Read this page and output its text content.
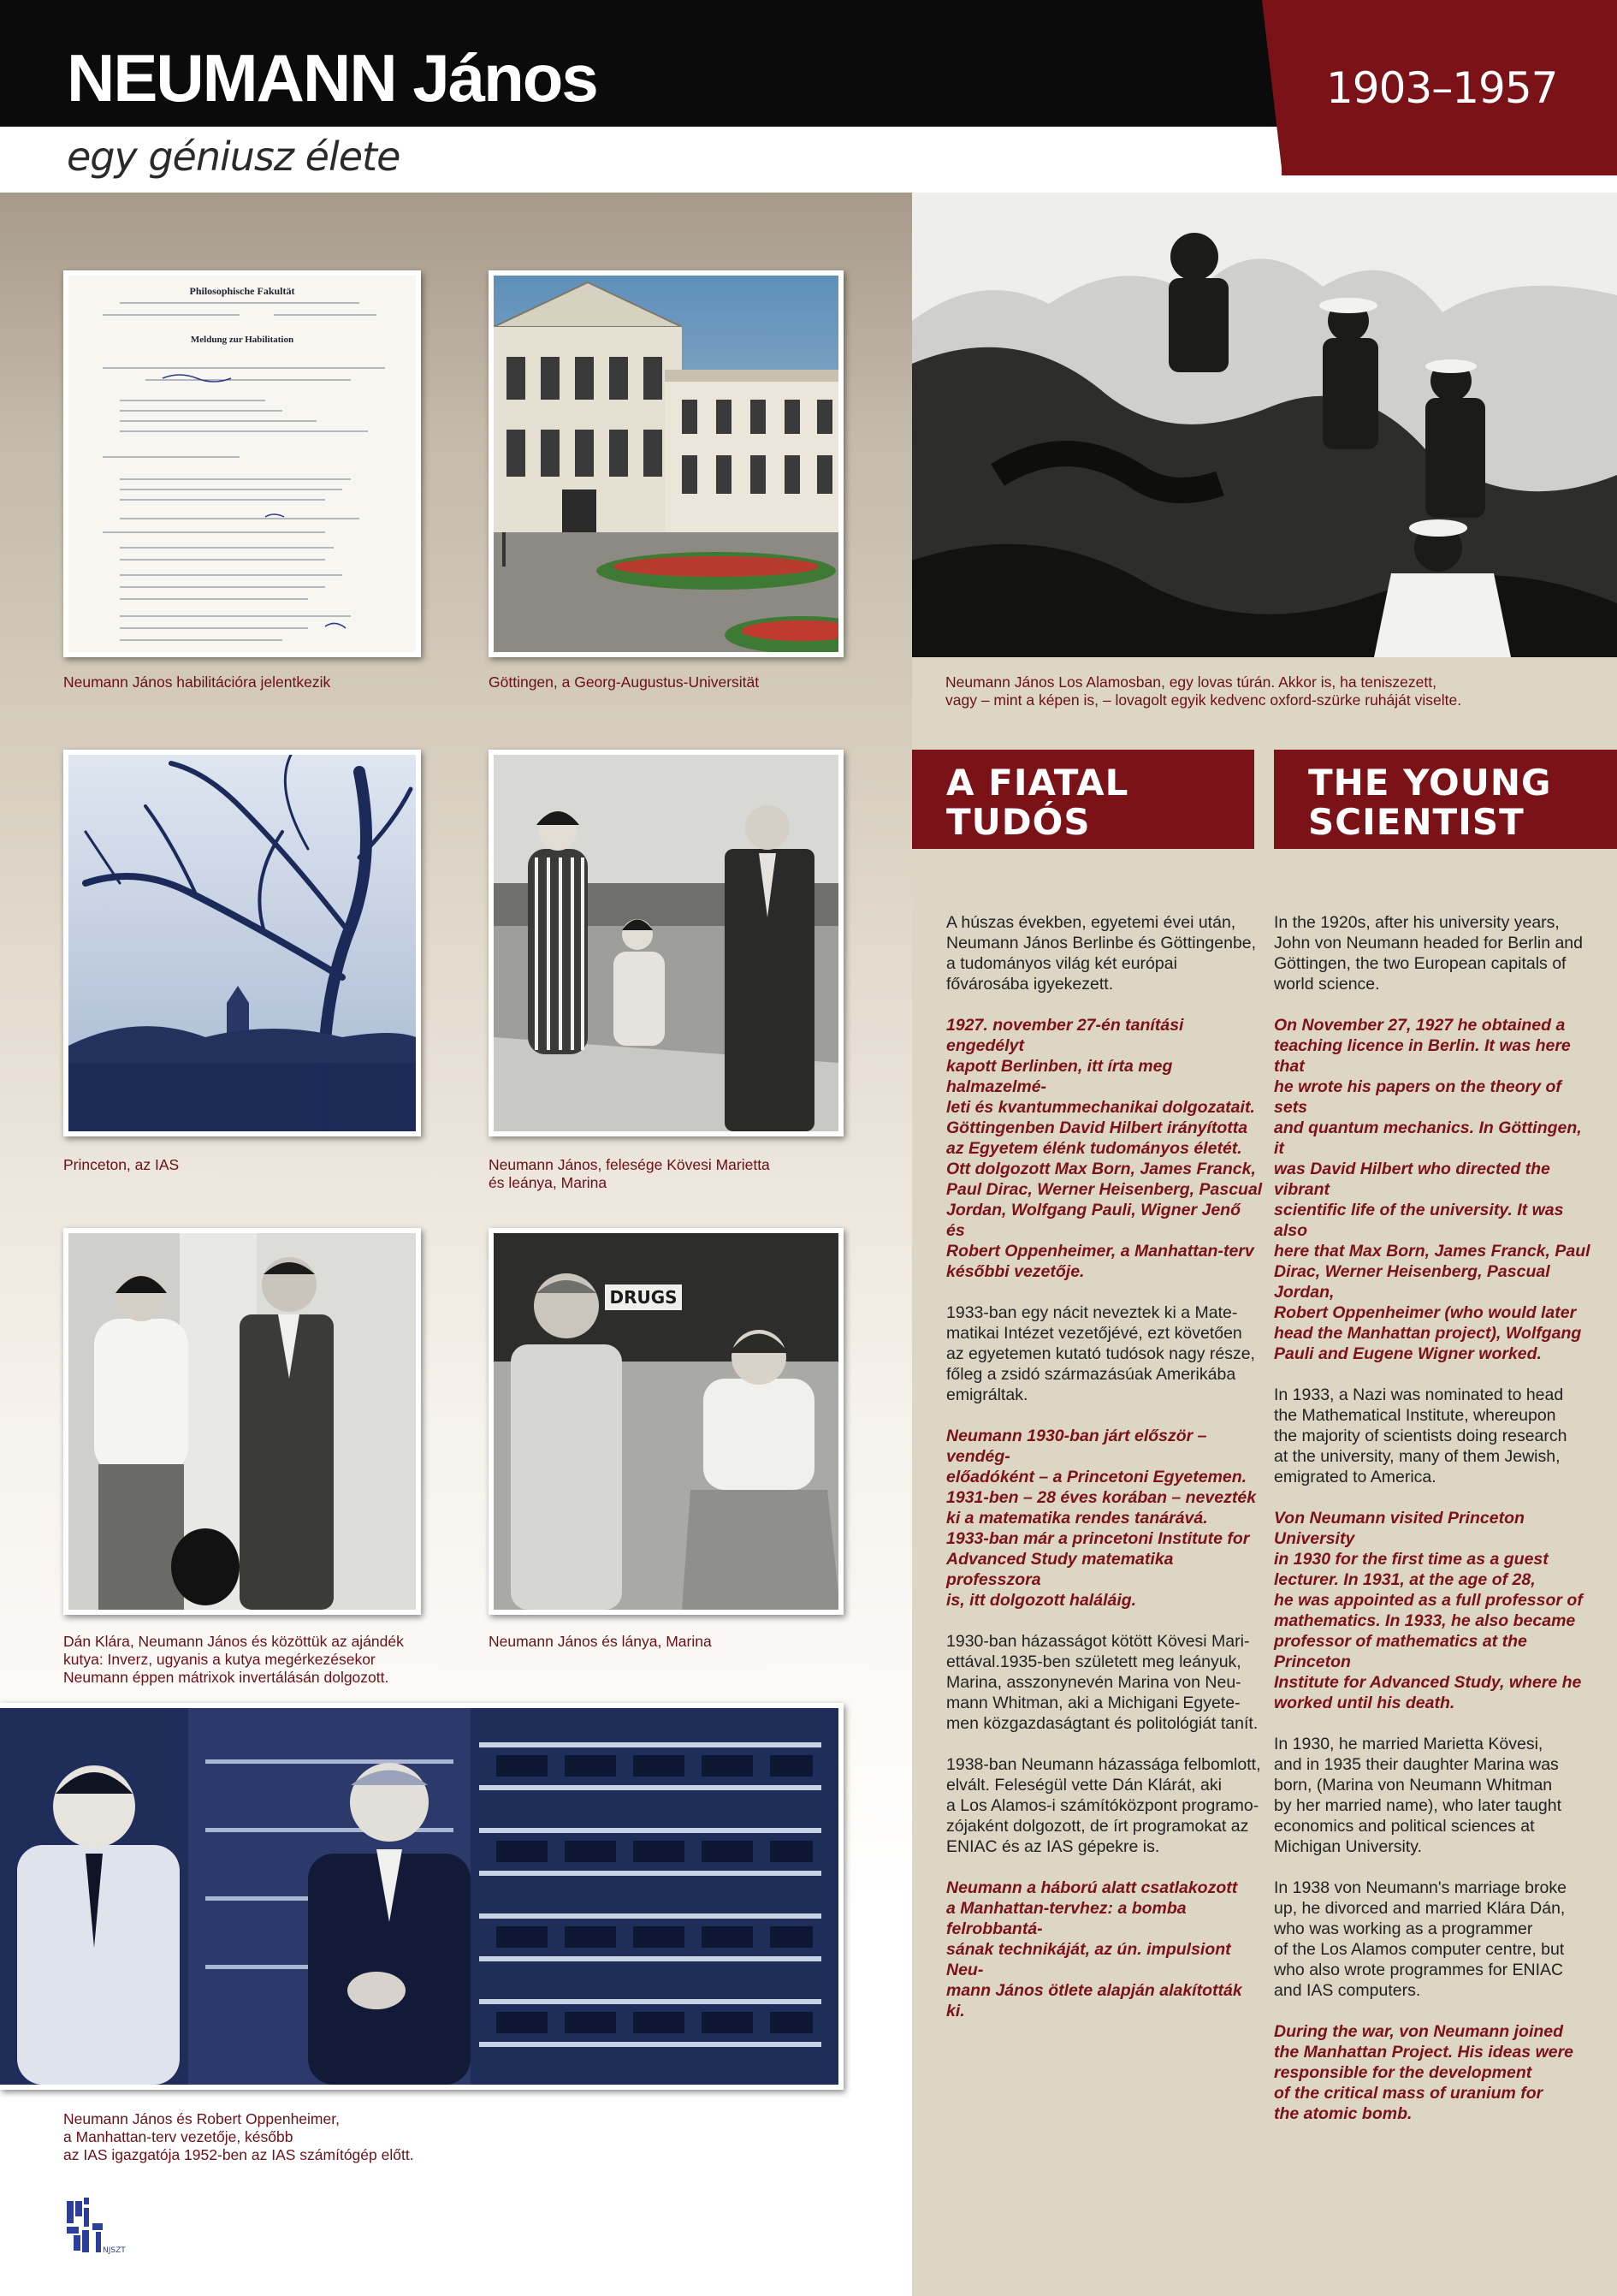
NEUMANN János
egy géniusz élete
1903–1957
Philosophische Fakultät
Meldung zur Habilitation
Neumann János habilitációra jelentkezik	Göttingen, a Georg-Augustus-Universität	Neumann János Los Alamosban, egy lovas túrán. Akkor is, ha teniszezett,
vagy – mint a képen is, – lovagolt egyik kedvenc oxford-szürke ruháját viselte.
Princeton, az IAS	Neumann János, felesége Kövesi Marietta
és leánya, Marina
Dán Klára, Neumann János és közöttük az ajándék
kutya: Inverz, ugyanis a kutya megérkezésekor
Neumann éppen mátrixok invertálásán dolgozott.
DRUGS
Neumann János és lánya, Marina
Neumann János és Robert Oppenheimer,
a Manhattan-terv vezetője, később
az IAS igazgatója 1952-ben az IAS számítógép előtt.
A FIATAL
TUDÓS
THE YOUNG
SCIENTIST

A húszas években, egyetemi évei után,
Neumann János Berlinbe és Göttingenbe,
a tudományos világ két európai
fővárosába igyekezett.

1927. november 27-én tanítási engedélyt
kapott Berlinben, itt írta meg halmazelmé-
leti és kvantummechanikai dolgozatait.
Göttingenben David Hilbert irányította
az Egyetem élénk tudományos életét.
Ott dolgozott Max Born, James Franck,
Paul Dirac, Werner Heisenberg, Pascual
Jordan, Wolfgang Pauli, Wigner Jenő és
Robert Oppenheimer, a Manhattan-terv
későbbi vezetője.

1933-ban egy nácit neveztek ki a Mate-
matikai Intézet vezetőjévé, ezt követően
az egyetemen kutató tudósok nagy része,
főleg a zsidó származásúak Amerikába
emigráltak.

Neumann 1930-ban járt először – vendég-
előadóként – a Princetoni Egyetemen.
1931-ben – 28 éves korában – nevezték
ki a matematika rendes tanárává.
1933-ban már a princetoni Institute for
Advanced Study matematika professzora
is, itt dolgozott haláláig.

1930-ban házasságot kötött Kövesi Mari-
ettával.1935-ben született meg leányuk,
Marina, asszonynevén Marina von Neu-
mann Whitman, aki a Michigani Egyete-
men közgazdaságtant és politológiát tanít.

1938-ban Neumann házassága felbomlott,
elvált. Feleségül vette Dán Klárát, aki
a Los Alamos-i számítóközpont programo-
zójaként dolgozott, de írt programokat az
ENIAC és az IAS gépekre is.

Neumann a háború alatt csatlakozott
a Manhattan-tervhez: a bomba felrobbantá-
sának technikáját, az ún. impulsiont Neu-
mann János ötlete alapján alakították ki.

In the 1920s, after his university years,
John von Neumann headed for Berlin and
Göttingen, the two European capitals of
world science.

On November 27, 1927 he obtained a
teaching licence in Berlin. It was here that
he wrote his papers on the theory of sets
and quantum mechanics. In Göttingen, it
was David Hilbert who directed the vibrant
scientific life of the university. It was also
here that Max Born, James Franck, Paul
Dirac, Werner Heisenberg, Pascual Jordan,
Robert Oppenheimer (who would later
head the Manhattan project), Wolfgang
Pauli and Eugene Wigner worked.

In 1933, a Nazi was nominated to head
the Mathematical Institute, whereupon
the majority of scientists doing research
at the university, many of them Jewish,
emigrated to America.

Von Neumann visited Princeton University
in 1930 for the first time as a guest
lecturer. In 1931, at the age of 28,
he was appointed as a full professor of
mathematics. In 1933, he also became
professor of mathematics at the Princeton
Institute for Advanced Study, where he
worked until his death.

In 1930, he married Marietta Kövesi,
and in 1935 their daughter Marina was
born, (Marina von Neumann Whitman
by her married name), who later taught
economics and political sciences at
Michigan University.

In 1938 von Neumann's marriage broke
up, he divorced and married Klára Dán,
who was working as a programmer
of the Los Alamos computer centre, but
who also wrote programmes for ENIAC
and IAS computers.

During the war, von Neumann joined
the Manhattan Project. His ideas were
responsible for the development
of the critical mass of uranium for
the atomic bomb.

NJSZT
